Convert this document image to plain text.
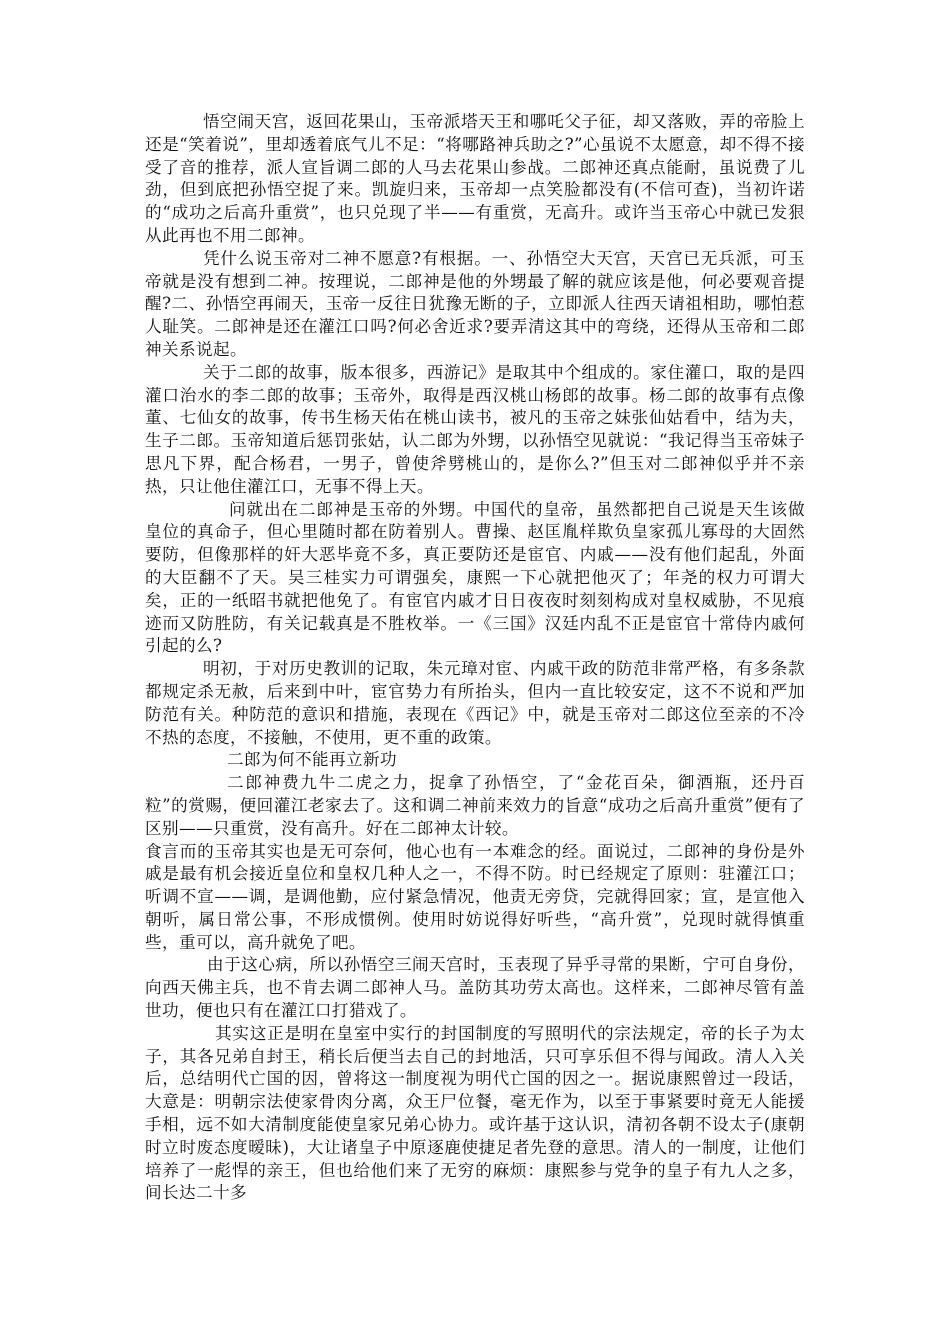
悟空闹天宫，返回花果山，玉帝派塔天王和哪吒父子征，却又落败，弄的帝脸上还是“笑着说”，里却透着底气儿不足：“将哪路神兵助之?”心虽说不太愿意，却不得不接受了音的推荐，派人宣旨调二郎的人马去花果山参战。二郎神还真点能耐，虽说费了儿劲，但到底把孙悟空捉了来。凯旋归来，玉帝却一点笑脸都没有(不信可查)，当初许诺的“成功之后高升重赏”，也只兑现了半——有重赏，无高升。或许当玉帝心中就已发狠从此再也不用二郎神。

凭什么说玉帝对二神不愿意?有根据。一、孙悟空大天宫，天宫已无兵派，可玉帝就是没有想到二神。按理说，二郎神是他的外甥最了解的就应该是他，何必要观音提醒?二、孙悟空再闹天，玉帝一反往日犹豫无断的子，立即派人往西天请祖相助，哪怕惹人耻笑。二郎神是还在灌江口吗?何必舍近求?要弄清这其中的弯绕，还得从玉帝和二郎神关系说起。

关于二郎的故事，版本很多，西游记》是取其中个组成的。家住灌口，取的是四灌口治水的李二郎的故事；玉帝外，取得是西汉桃山杨郎的故事。杨二郎的故事有点像董、七仙女的故事，传书生杨天佑在桃山读书，被凡的玉帝之妹张仙姑看中，结为夫，生子二郎。玉帝知道后惩罚张姑，认二郎为外甥，以孙悟空见就说：“我记得当玉帝妹子思凡下界，配合杨君，一男子，曾使斧劈桃山的，是你么?”但玉对二郎神似乎并不亲热，只让他住灌江口，无事不得上天。

问就出在二郎神是玉帝的外甥。中国代的皇帝，虽然都把自己说是天生该做皇位的真命子，但心里随时都在防着别人。曹操、赵匡胤样欺负皇家孤儿寡母的大固然要防，但像那样的奸大恶毕竟不多，真正要防还是宦官、内戚——没有他们起乱，外面的大臣翻不了天。吴三桂实力可谓强矣，康熙一下心就把他灭了；年尧的权力可谓大矣，正的一纸昭书就把他免了。有宦官内戚才日日夜夜时刻刻构成对皇权威胁，不见痕迹而又防胜防，有关记载真是不胜枚举。一《三国》汉廷内乱不正是宦官十常侍内戚何引起的么?

明初，于对历史教训的记取，朱元璋对宦、内戚干政的防范非常严格，有多条款都规定杀无赦，后来到中叶，宦官势力有所抬头，但内一直比较安定，这不不说和严加防范有关。种防范的意识和措施，表现在《西记》中，就是玉帝对二郎这位至亲的不冷不热的态度，不接触，不使用，更不重的政策。

二郎为何不能再立新功

二郎神费九牛二虎之力，捉拿了孙悟空，了“金花百朵，御酒瓶，还丹百粒”的赏赐，便回灌江老家去了。这和调二神前来效力的旨意“成功之后高升重赏”便有了区别——只重赏，没有高升。好在二郎神太计较。

食言而的玉帝其实也是无可奈何，他心也有一本难念的经。面说过，二郎神的身份是外戚是最有机会接近皇位和皇权几种人之一，不得不防。时已经规定了原则：驻灌江口；听调不宣——调，是调他勤，应付紧急情况，他责无旁贷，完就得回家；宣，是宣他入朝听，属日常公事，不形成惯例。使用时妨说得好听些，“高升赏”，兑现时就得慎重些，重可以，高升就免了吧。

由于这心病，所以孙悟空三闹天宫时，玉表现了异乎寻常的果断，宁可自身份，向西天佛主兵，也不肯去调二郎神人马。盖防其功劳太高也。这样来，二郎神尽管有盖世功，便也只有在灌江口打猎戏了。

其实这正是明在皇室中实行的封国制度的写照明代的宗法规定，帝的长子为太子，其各兄弟自封王，稍长后便当去自己的封地活，只可享乐但不得与闻政。清人入关后，总结明代亡国的因，曾将这一制度视为明代亡国的因之一。据说康熙曾过一段话，大意是：明朝宗法使家骨肉分离，众王尸位餐，毫无作为，以至于事紧要时竟无人能援手相，远不如大清制度能使皇家兄弟心协力。或许基于这认识，清初各朝不设太子(康朝时立时废态度暧昧)，大让诸皇子中原逐鹿使捷足者先登的意思。清人的一制度，让他们培养了一彪悍的亲王，但也给他们来了无穷的麻烦：康熙参与党争的皇子有九人之多，间长达二十多
